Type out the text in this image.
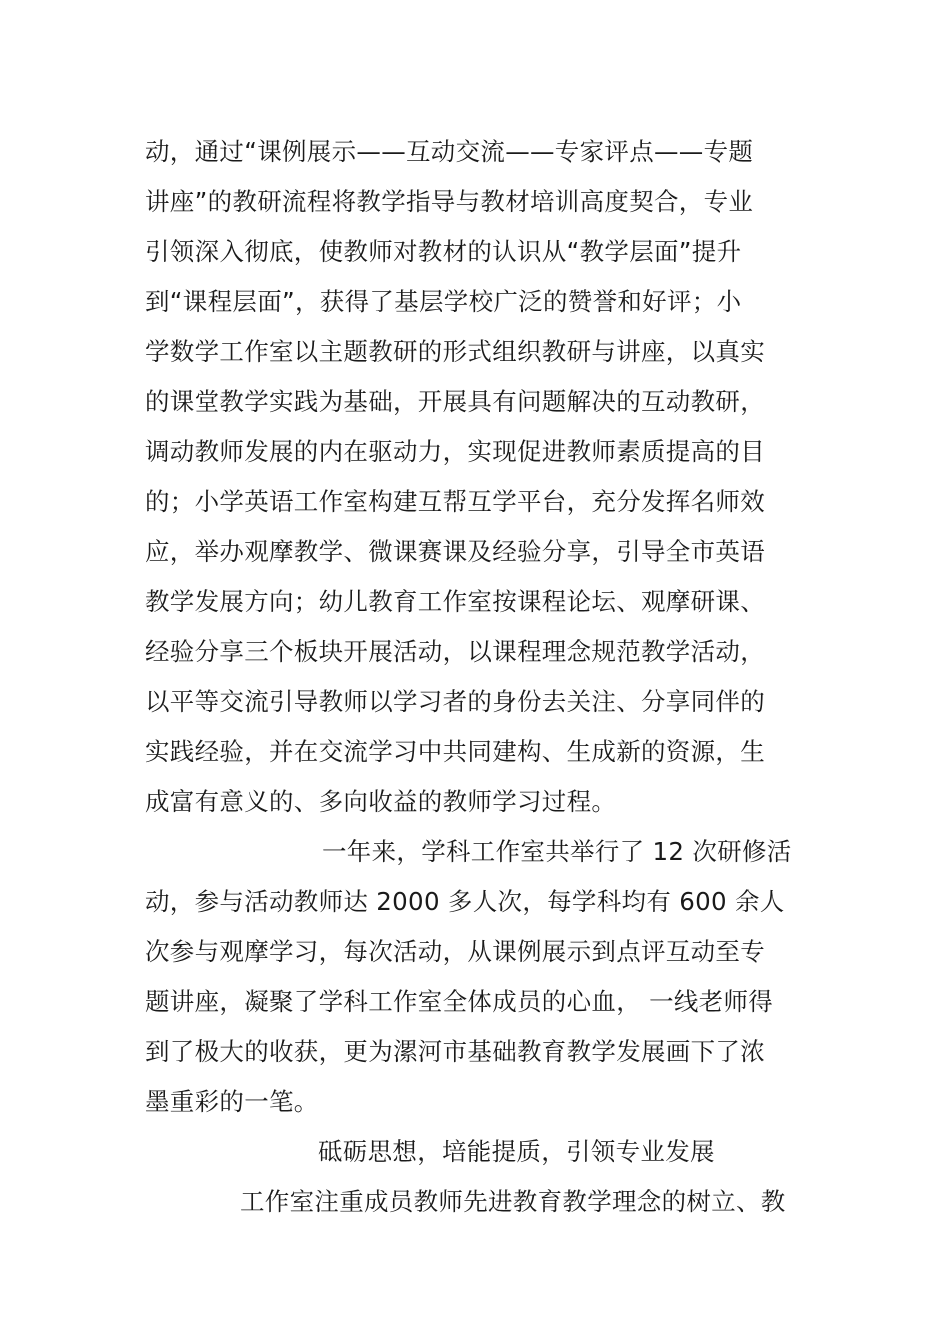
动，通过“课例展示——互动交流——专家评点——专题
讲座”的教研流程将教学指导与教材培训高度契合，专业
引领深入彻底，使教师对教材的认识从“教学层面”提升
到“课程层面”，获得了基层学校广泛的赞誉和好评；小
学数学工作室以主题教研的形式组织教研与讲座，以真实
的课堂教学实践为基础，开展具有问题解决的互动教研，
调动教师发展的内在驱动力，实现促进教师素质提高的目
的；小学英语工作室构建互帮互学平台，充分发挥名师效
应，举办观摩教学、微课赛课及经验分享，引导全市英语
教学发展方向；幼儿教育工作室按课程论坛、观摩研课、
经验分享三个板块开展活动，以课程理念规范教学活动，
以平等交流引导教师以学习者的身份去关注、分享同伴的
实践经验，并在交流学习中共同建构、生成新的资源，生
成富有意义的、多向收益的教师学习过程。
一年来，学科工作室共举行了 12 次研修活
动，参与活动教师达 2000 多人次，每学科均有 600 余人
次参与观摩学习，每次活动，从课例展示到点评互动至专
题讲座，凝聚了学科工作室全体成员的心血， 一线老师得
到了极大的收获，更为漯河市基础教育教学发展画下了浓
墨重彩的一笔。
砥砺思想，培能提质，引领专业发展
工作室注重成员教师先进教育教学理念的树立、教
